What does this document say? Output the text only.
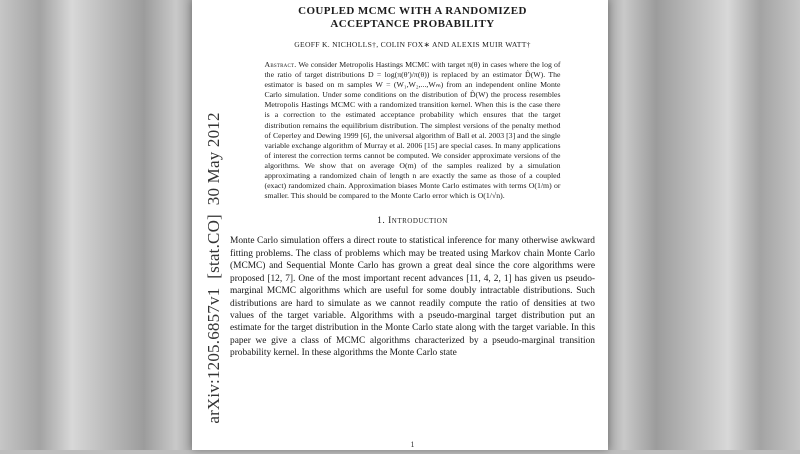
COUPLED MCMC WITH A RANDOMIZED
ACCEPTANCE PROBABILITY
GEOFF K. NICHOLLS†, COLIN FOX∗ AND ALEXIS MUIR WATT†

Abstract. We consider Metropolis Hastings MCMC with target π(θ) in cases where the log of the ratio of target distributions D = log(π(θ′)/π(θ)) is replaced by an estimator D̂(W). The estimator is based on m samples W = (W₁,W₂,...,Wₘ) from an independent online Monte Carlo simulation. Under some conditions on the distribution of D̂(W) the process resembles Metropolis Hastings MCMC with a randomized transition kernel. When this is the case there is a correction to the estimated acceptance probability which ensures that the target distribution remains the equilibrium distribution. The simplest versions of the penalty method of Ceperley and Dewing 1999 [6], the universal algorithm of Ball et al. 2003 [3] and the single variable exchange algorithm of Murray et al. 2006 [15] are special cases. In many applications of interest the correction terms cannot be computed. We consider approximate versions of the algorithms. We show that on average O(m) of the samples realized by a simulation approximating a randomized chain of length n are exactly the same as those of a coupled (exact) randomized chain. Approximation biases Monte Carlo estimates with terms O(1/m) or smaller. This should be compared to the Monte Carlo error which is O(1/√n).

1. Introduction

Monte Carlo simulation offers a direct route to statistical inference for many otherwise awkward fitting problems. The class of problems which may be treated using Markov chain Monte Carlo (MCMC) and Sequential Monte Carlo has grown a great deal since the core algorithms were proposed [12, 7]. One of the most important recent advances [11, 4, 2, 1] has given us pseudo-marginal MCMC algorithms which are useful for some doubly intractable distributions. Such distributions are hard to simulate as we cannot readily compute the ratio of densities at two values of the target variable. Algorithms with a pseudo-marginal target distribution put an estimate for the target distribution in the Monte Carlo state along with the target variable. In this paper we give a class of MCMC algorithms characterized by a pseudo-marginal transition probability kernel. In these algorithms the Monte Carlo state

1
arXiv:1205.6857v1  [stat.CO]  30 May 2012
